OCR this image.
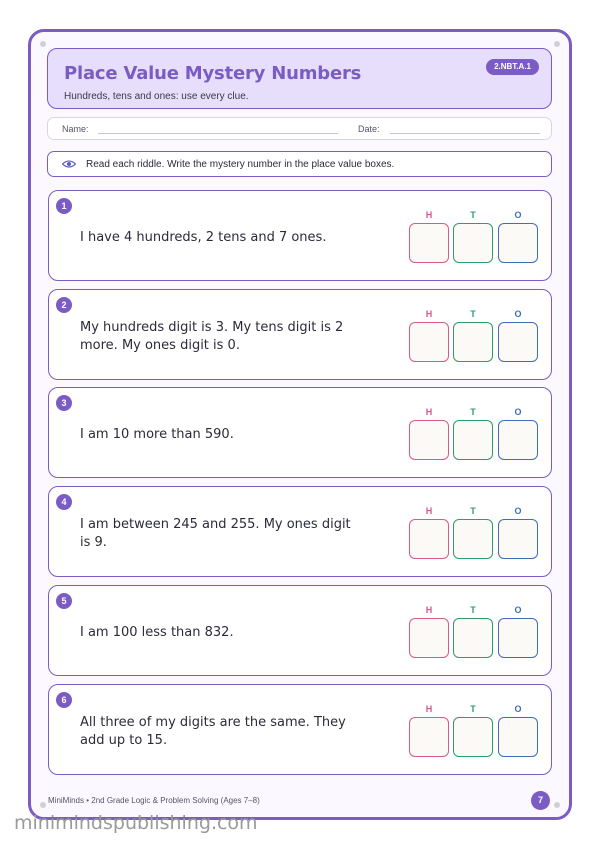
Place Value Mystery Numbers
Hundreds, tens and ones: use every clue.
2.NBT.A.1
Name:	Date:
Read each riddle. Write the mystery number in the place value boxes.
1
I have 4 hundreds, 2 tens and 7 ones.
H	T	O
2
My hundreds digit is 3. My tens digit is 2 more. My ones digit is 0.
H	T	O
3
I am 10 more than 590.
H	T	O
4
I am between 245 and 255. My ones digit is 9.
H	T	O
5
I am 100 less than 832.
H	T	O
6
All three of my digits are the same. They add up to 15.
H	T	O
MiniMinds • 2nd Grade Logic & Problem Solving (Ages 7–8)	7
minimindspublishing.com
